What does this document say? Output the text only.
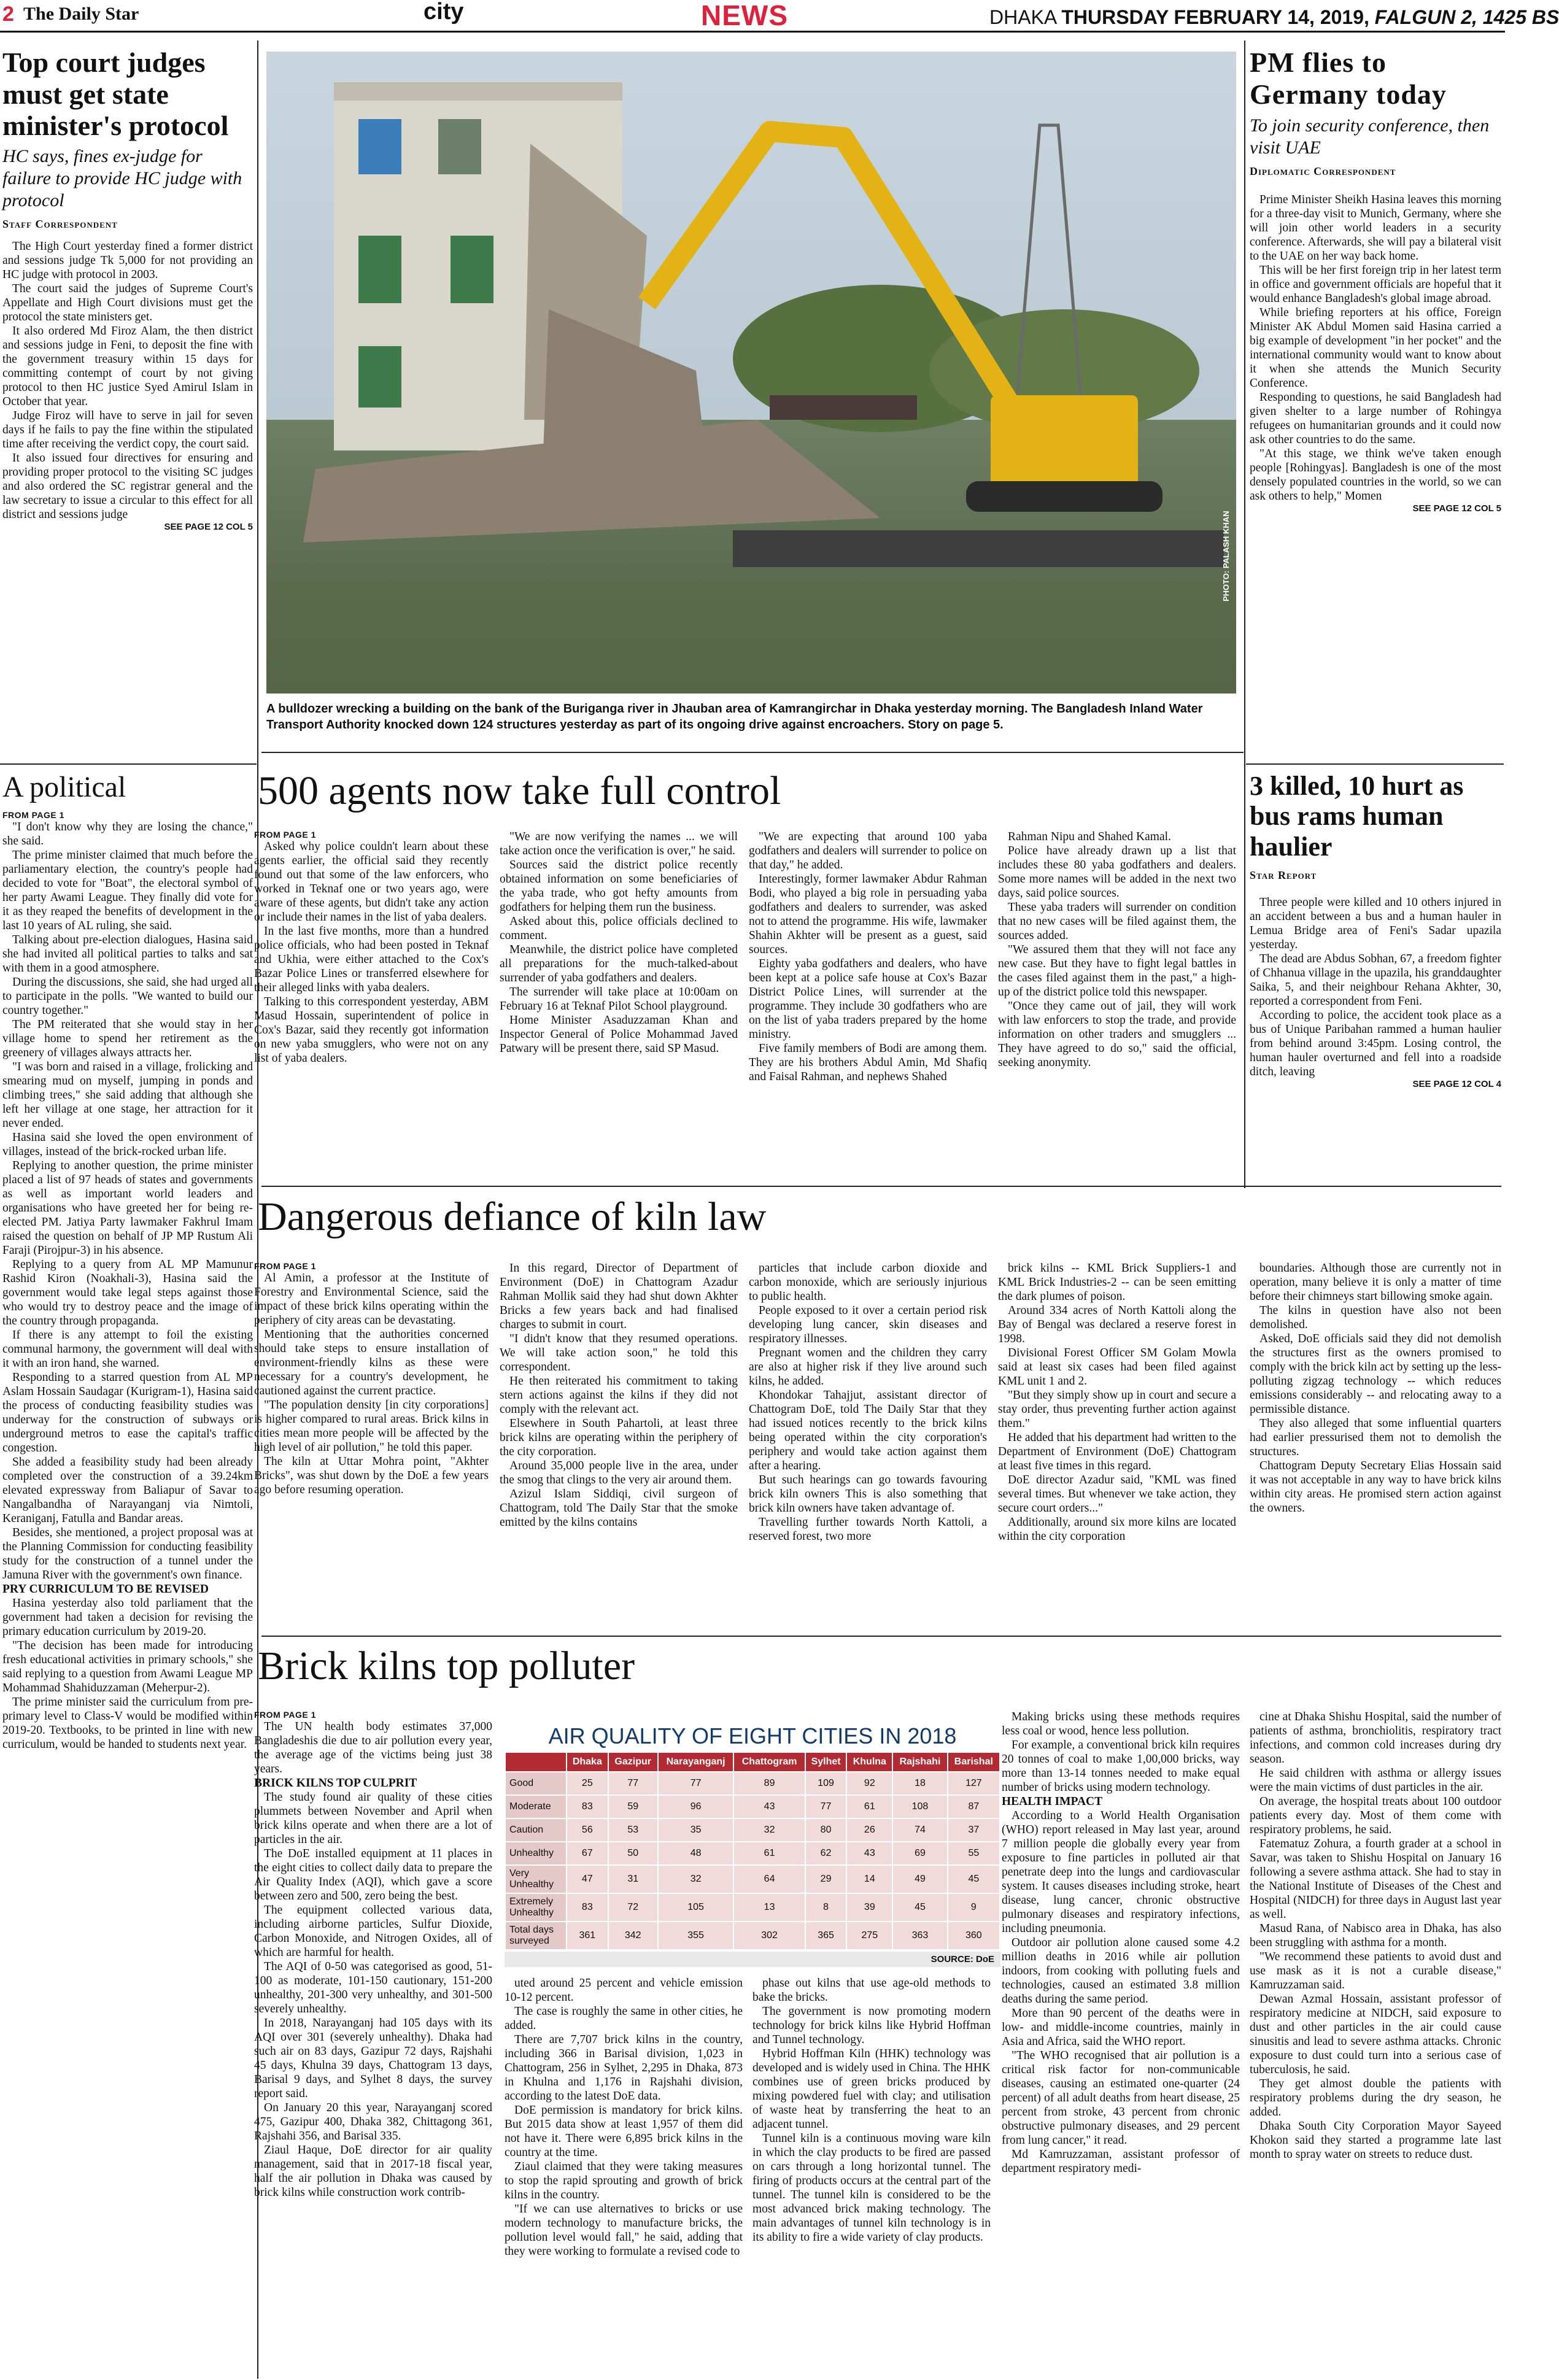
2 The Daily Star	city	NEWS	DHAKA THURSDAY FEBRUARY 14, 2019, FALGUN 2, 1425 BS
Top court judges must get state minister's protocol
HC says, fines ex-judge for failure to provide HC judge with protocol
Staff Correspondent

The High Court yesterday fined a former district and sessions judge Tk 5,000 for not providing an HC judge with protocol in 2003.

The court said the judges of Supreme Court's Appellate and High Court divisions must get the protocol the state ministers get.

It also ordered Md Firoz Alam, the then district and sessions judge in Feni, to deposit the fine with the government treasury within 15 days for committing contempt of court by not giving protocol to then HC justice Syed Amirul Islam in October that year.

Judge Firoz will have to serve in jail for seven days if he fails to pay the fine within the stipulated time after receiving the verdict copy, the court said.

It also issued four directives for ensuring and providing proper protocol to the visiting SC judges and also ordered the SC registrar general and the law secretary to issue a circular to this effect for all district and sessions judge

SEE PAGE 12 COL 5	PHOTO: PALASH KHAN
A bulldozer wrecking a building on the bank of the Buriganga river in Jhauban area of Kamrangirchar in Dhaka yesterday morning. The Bangladesh Inland Water Transport Authority knocked down 124 structures yesterday as part of its ongoing drive against encroachers. Story on page 5.
PM flies to Germany today
To join security conference, then visit UAE
Diplomatic Correspondent

Prime Minister Sheikh Hasina leaves this morning for a three-day visit to Munich, Germany, where she will join other world leaders in a security conference. Afterwards, she will pay a bilateral visit to the UAE on her way back home.

This will be her first foreign trip in her latest term in office and government officials are hopeful that it would enhance Bangladesh's global image abroad.

While briefing reporters at his office, Foreign Minister AK Abdul Momen said Hasina carried a big example of development "in her pocket" and the international community would want to know about it when she attends the Munich Security Conference.

Responding to questions, he said Bangladesh had given shelter to a large number of Rohingya refugees on humanitarian grounds and it could now ask other countries to do the same.

"At this stage, we think we've taken enough people [Rohingyas]. Bangladesh is one of the most densely populated countries in the world, so we can ask others to help," Momen

SEE PAGE 12 COL 5
A political

FROM PAGE 1

"I don't know why they are losing the chance," she said.

The prime minister claimed that much before the parliamentary election, the country's people had decided to vote for "Boat", the electoral symbol of her party Awami League. They finally did vote for it as they reaped the benefits of development in the last 10 years of AL ruling, she said.

Talking about pre-election dialogues, Hasina said she had invited all political parties to talks and sat with them in a good atmosphere.

During the discussions, she said, she had urged all to participate in the polls. "We wanted to build our country together."

The PM reiterated that she would stay in her village home to spend her retirement as the greenery of villages always attracts her.

"I was born and raised in a village, frolicking and smearing mud on myself, jumping in ponds and climbing trees," she said adding that although she left her village at one stage, her attraction for it never ended.

Hasina said she loved the open environment of villages, instead of the brick-rocked urban life.

Replying to another question, the prime minister placed a list of 97 heads of states and governments as well as important world leaders and organisations who have greeted her for being re-elected PM. Jatiya Party lawmaker Fakhrul Imam raised the question on behalf of JP MP Rustum Ali Faraji (Pirojpur-3) in his absence.

Replying to a query from AL MP Mamunur Rashid Kiron (Noakhali-3), Hasina said the government would take legal steps against those who would try to destroy peace and the image of the country through propaganda.

If there is any attempt to foil the existing communal harmony, the government will deal with it with an iron hand, she warned.

Responding to a starred question from AL MP Aslam Hossain Saudagar (Kurigram-1), Hasina said the process of conducting feasibility studies was underway for the construction of subways or underground metros to ease the capital's traffic congestion.

She added a feasibility study had been already completed over the construction of a 39.24km elevated expressway from Baliapur of Savar to Nangalbandha of Narayanganj via Nimtoli, Keraniganj, Fatulla and Bandar areas.

Besides, she mentioned, a project proposal was at the Planning Commission for conducting feasibility study for the construction of a tunnel under the Jamuna River with the government's own finance.

PRY CURRICULUM TO BE REVISED

Hasina yesterday also told parliament that the government had taken a decision for revising the primary education curriculum by 2019-20.

"The decision has been made for introducing fresh educational activities in primary schools," she said replying to a question from Awami League MP Mohammad Shahiduzzaman (Meherpur-2).

The prime minister said the curriculum from pre-primary level to Class-V would be modified within 2019-20. Textbooks, to be printed in line with new curriculum, would be handed to students next year.

500 agents now take full control

FROM PAGE 1

Asked why police couldn't learn about these agents earlier, the official said they recently found out that some of the law enforcers, who worked in Teknaf one or two years ago, were aware of these agents, but didn't take any action or include their names in the list of yaba dealers.

In the last five months, more than a hundred police officials, who had been posted in Teknaf and Ukhia, were either attached to the Cox's Bazar Police Lines or transferred elsewhere for their alleged links with yaba dealers.

Talking to this correspondent yesterday, ABM Masud Hossain, superintendent of police in Cox's Bazar, said they recently got information on new yaba smugglers, who were not on any list of yaba dealers.

"We are now verifying the names ... we will take action once the verification is over," he said.

Sources said the district police recently obtained information on some beneficiaries of the yaba trade, who got hefty amounts from godfathers for helping them run the business.

Asked about this, police officials declined to comment.

Meanwhile, the district police have completed all preparations for the much-talked-about surrender of yaba godfathers and dealers.

The surrender will take place at 10:00am on February 16 at Teknaf Pilot School playground.

Home Minister Asaduzzaman Khan and Inspector General of Police Mohammad Javed Patwary will be present there, said SP Masud.

"We are expecting that around 100 yaba godfathers and dealers will surrender to police on that day," he added.

Interestingly, former lawmaker Abdur Rahman Bodi, who played a big role in persuading yaba godfathers and dealers to surrender, was asked not to attend the programme. His wife, lawmaker Shahin Akhter will be present as a guest, said sources.

Eighty yaba godfathers and dealers, who have been kept at a police safe house at Cox's Bazar District Police Lines, will surrender at the programme. They include 30 godfathers who are on the list of yaba traders prepared by the home ministry.

Five family members of Bodi are among them. They are his brothers Abdul Amin, Md Shafiq and Faisal Rahman, and nephews Shahed

Rahman Nipu and Shahed Kamal.

Police have already drawn up a list that includes these 80 yaba godfathers and dealers. Some more names will be added in the next two days, said police sources.

These yaba traders will surrender on condition that no new cases will be filed against them, the sources added.

"We assured them that they will not face any new case. But they have to fight legal battles in the cases filed against them in the past," a high-up of the district police told this newspaper.

"Once they came out of jail, they will work with law enforcers to stop the trade, and provide information on other traders and smugglers ... They have agreed to do so," said the official, seeking anonymity.

3 killed, 10 hurt as bus rams human haulier
Star Report

Three people were killed and 10 others injured in an accident between a bus and a human hauler in Lemua Bridge area of Feni's Sadar upazila yesterday.

The dead are Abdus Sobhan, 67, a freedom fighter of Chhanua village in the upazila, his granddaughter Saika, 5, and their neighbour Rehana Akhter, 30, reported a correspondent from Feni.

According to police, the accident took place as a bus of Unique Paribahan rammed a human haulier from behind around 3:45pm. Losing control, the human hauler overturned and fell into a roadside ditch, leaving

SEE PAGE 12 COL 4
Dangerous defiance of kiln law

FROM PAGE 1

Al Amin, a professor at the Institute of Forestry and Environmental Science, said the impact of these brick kilns operating within the periphery of city areas can be devastating.

Mentioning that the authorities concerned should take steps to ensure installation of environment-friendly kilns as these were necessary for a country's development, he cautioned against the current practice.

"The population density [in city corporations] is higher compared to rural areas. Brick kilns in cities mean more people will be affected by the high level of air pollution," he told this paper.

The kiln at Uttar Mohra point, "Akhter Bricks", was shut down by the DoE a few years ago before resuming operation.

In this regard, Director of Department of Environment (DoE) in Chattogram Azadur Rahman Mollik said they had shut down Akhter Bricks a few years back and had finalised charges to submit in court.

"I didn't know that they resumed operations. We will take action soon," he told this correspondent.

He then reiterated his commitment to taking stern actions against the kilns if they did not comply with the relevant act.

Elsewhere in South Pahartoli, at least three brick kilns are operating within the periphery of the city corporation.

Around 35,000 people live in the area, under the smog that clings to the very air around them.

Azizul Islam Siddiqi, civil surgeon of Chattogram, told The Daily Star that the smoke emitted by the kilns contains

particles that include carbon dioxide and carbon monoxide, which are seriously injurious to public health.

People exposed to it over a certain period risk developing lung cancer, skin diseases and respiratory illnesses.

Pregnant women and the children they carry are also at higher risk if they live around such kilns, he added.

Khondokar Tahajjut, assistant director of Chattogram DoE, told The Daily Star that they had issued notices recently to the brick kilns being operated within the city corporation's periphery and would take action against them after a hearing.

But such hearings can go towards favouring brick kiln owners This is also something that brick kiln owners have taken advantage of.

Travelling further towards North Kattoli, a reserved forest, two more

brick kilns -- KML Brick Suppliers-1 and KML Brick Industries-2 -- can be seen emitting the dark plumes of poison.

Around 334 acres of North Kattoli along the Bay of Bengal was declared a reserve forest in 1998.

Divisional Forest Officer SM Golam Mowla said at least six cases had been filed against KML unit 1 and 2.

"But they simply show up in court and secure a stay order, thus preventing further action against them."

He added that his department had written to the Department of Environment (DoE) Chattogram at least five times in this regard.

DoE director Azadur said, "KML was fined several times. But whenever we take action, they secure court orders..."

Additionally, around six more kilns are located within the city corporation

boundaries. Although those are currently not in operation, many believe it is only a matter of time before their chimneys start billowing smoke again.

The kilns in question have also not been demolished.

Asked, DoE officials said they did not demolish the structures first as the owners promised to comply with the brick kiln act by setting up the less-polluting zigzag technology -- which reduces emissions considerably -- and relocating away to a permissible distance.

They also alleged that some influential quarters had earlier pressurised them not to demolish the structures.

Chattogram Deputy Secretary Elias Hossain said it was not acceptable in any way to have brick kilns within city areas. He promised stern action against the owners.

Brick kilns top polluter

FROM PAGE 1

The UN health body estimates 37,000 Bangladeshis die due to air pollution every year, the average age of the victims being just 38 years.

BRICK KILNS TOP CULPRIT

The study found air quality of these cities plummets between November and April when brick kilns operate and when there are a lot of particles in the air.

The DoE installed equipment at 11 places in the eight cities to collect daily data to prepare the Air Quality Index (AQI), which gave a score between zero and 500, zero being the best.

The equipment collected various data, including airborne particles, Sulfur Dioxide, Carbon Monoxide, and Nitrogen Oxides, all of which are harmful for health.

The AQI of 0-50 was categorised as good, 51-100 as moderate, 101-150 cautionary, 151-200 unhealthy, 201-300 very unhealthy, and 301-500 severely unhealthy.

In 2018, Narayanganj had 105 days with its AQI over 301 (severely unhealthy). Dhaka had such air on 83 days, Gazipur 72 days, Rajshahi 45 days, Khulna 39 days, Chattogram 13 days, Barisal 9 days, and Sylhet 8 days, the survey report said.

On January 20 this year, Narayanganj scored 475, Gazipur 400, Dhaka 382, Chittagong 361, Rajshahi 356, and Barisal 335.

Ziaul Haque, DoE director for air quality management, said that in 2017-18 fiscal year, half the air pollution in Dhaka was caused by brick kilns while construction work contrib-

AIR QUALITY OF EIGHT CITIES IN 2018
	Dhaka	Gazipur	Narayanganj	Chattogram	Sylhet	Khulna	Rajshahi	Barishal
Good	25	77	77	89	109	92	18	127
Moderate	83	59	96	43	77	61	108	87
Caution	56	53	35	32	80	26	74	37
Unhealthy	67	50	48	61	62	43	69	55
Very Unhealthy	47	31	32	64	29	14	49	45
Extremely Unhealthy	83	72	105	13	8	39	45	9
Total days surveyed	361	342	355	302	365	275	363	360
SOURCE: DoE

uted around 25 percent and vehicle emission 10-12 percent.

The case is roughly the same in other cities, he added.

There are 7,707 brick kilns in the country, including 366 in Barisal division, 1,023 in Chattogram, 256 in Sylhet, 2,295 in Dhaka, 873 in Khulna and 1,176 in Rajshahi division, according to the latest DoE data.

DoE permission is mandatory for brick kilns. But 2015 data show at least 1,957 of them did not have it. There were 6,895 brick kilns in the country at the time.

Ziaul claimed that they were taking measures to stop the rapid sprouting and growth of brick kilns in the country.

"If we can use alternatives to bricks or use modern technology to manufacture bricks, the pollution level would fall," he said, adding that they were working to formulate a revised code to

phase out kilns that use age-old methods to bake the bricks.

The government is now promoting modern technology for brick kilns like Hybrid Hoffman and Tunnel technology.

Hybrid Hoffman Kiln (HHK) technology was developed and is widely used in China. The HHK combines use of green bricks produced by mixing powdered fuel with clay; and utilisation of waste heat by transferring the heat to an adjacent tunnel.

Tunnel kiln is a continuous moving ware kiln in which the clay products to be fired are passed on cars through a long horizontal tunnel. The firing of products occurs at the central part of the tunnel. The tunnel kiln is considered to be the most advanced brick making technology. The main advantages of tunnel kiln technology is in its ability to fire a wide variety of clay products.

Making bricks using these methods requires less coal or wood, hence less pollution.

For example, a conventional brick kiln requires 20 tonnes of coal to make 1,00,000 bricks, way more than 13-14 tonnes needed to make equal number of bricks using modern technology.

HEALTH IMPACT

According to a World Health Organisation (WHO) report released in May last year, around 7 million people die globally every year from exposure to fine particles in polluted air that penetrate deep into the lungs and cardiovascular system. It causes diseases including stroke, heart disease, lung cancer, chronic obstructive pulmonary diseases and respiratory infections, including pneumonia.

Outdoor air pollution alone caused some 4.2 million deaths in 2016 while air pollution indoors, from cooking with polluting fuels and technologies, caused an estimated 3.8 million deaths during the same period.

More than 90 percent of the deaths were in low- and middle-income countries, mainly in Asia and Africa, said the WHO report.

"The WHO recognised that air pollution is a critical risk factor for non-communicable diseases, causing an estimated one-quarter (24 percent) of all adult deaths from heart disease, 25 percent from stroke, 43 percent from chronic obstructive pulmonary diseases, and 29 percent from lung cancer," it read.

Md Kamruzzaman, assistant professor of department respiratory medi-

cine at Dhaka Shishu Hospital, said the number of patients of asthma, bronchiolitis, respiratory tract infections, and common cold increases during dry season.

He said children with asthma or allergy issues were the main victims of dust particles in the air.

On average, the hospital treats about 100 outdoor patients every day. Most of them come with respiratory problems, he said.

Fatematuz Zohura, a fourth grader at a school in Savar, was taken to Shishu Hospital on January 16 following a severe asthma attack. She had to stay in the National Institute of Diseases of the Chest and Hospital (NIDCH) for three days in August last year as well.

Masud Rana, of Nabisco area in Dhaka, has also been struggling with asthma for a month.

"We recommend these patients to avoid dust and use mask as it is not a curable disease," Kamruzzaman said.

Dewan Azmal Hossain, assistant professor of respiratory medicine at NIDCH, said exposure to dust and other particles in the air could cause sinusitis and lead to severe asthma attacks. Chronic exposure to dust could turn into a serious case of tuberculosis, he said.

They get almost double the patients with respiratory problems during the dry season, he added.

Dhaka South City Corporation Mayor Sayeed Khokon said they started a programme late last month to spray water on streets to reduce dust.
